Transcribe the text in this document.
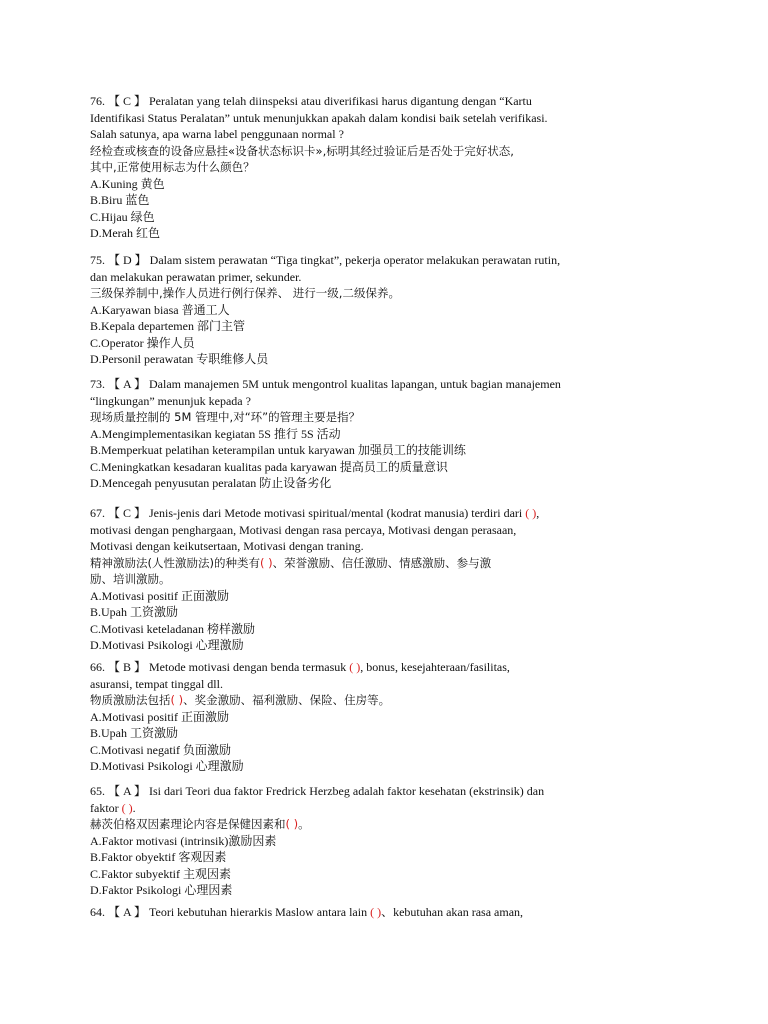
76. 【 C 】 Peralatan yang telah diinspeksi atau diverifikasi harus digantung dengan “Kartu
Identifikasi Status Peralatan” untuk menunjukkan apakah dalam kondisi baik setelah verifikasi.
Salah satunya, apa warna label penggunaan normal ?
经检查或核查的设备应悬挂«设备状态标识卡»,标明其经过验证后是否处于完好状态,
其中,正常使用标志为什么颜色？
A.Kuning 黄色
B.Biru 蓝色
C.Hijau 绿色
D.Merah 红色
75. 【 D 】 Dalam sistem perawatan “Tiga tingkat”, pekerja operator melakukan perawatan rutin,
dan melakukan perawatan primer, sekunder.
三级保养制中,操作人员进行例行保养、 进行一级,二级保养。
A.Karyawan biasa 普通工人
B.Kepala departemen 部门主管
C.Operator 操作人员
D.Personil perawatan 专职维修人员
73. 【 A 】 Dalam manajemen 5M untuk mengontrol kualitas lapangan, untuk bagian manajemen
“lingkungan” menunjuk kepada ?
现场质量控制的 5M 管理中,对“环”的管理主要是指？
A.Mengimplementasikan kegiatan 5S 推行 5S 活动
B.Memperkuat pelatihan keterampilan untuk karyawan 加强员工的技能训练
C.Meningkatkan kesadaran kualitas pada karyawan 提高员工的质量意识
D.Mencegah penyusutan peralatan 防止设备劣化
67. 【 C 】 Jenis-jenis dari Metode motivasi spiritual/mental (kodrat manusia) terdiri dari ( ),
motivasi dengan penghargaan, Motivasi dengan rasa percaya, Motivasi dengan perasaan,
Motivasi dengan keikutsertaan, Motivasi dengan traning.
精神激励法(人性激励法)的种类有( )、荣誉激励、信任激励、情感激励、参与激
励、培训激励。
A.Motivasi positif 正面激励
B.Upah 工资激励
C.Motivasi keteladanan 榜样激励
D.Motivasi Psikologi 心理激励
66. 【 B 】 Metode motivasi dengan benda termasuk ( ), bonus, kesejahteraan/fasilitas,
asuransi, tempat tinggal dll.
物质激励法包括( )、奖金激励、福利激励、保险、住房等。
A.Motivasi positif 正面激励
B.Upah 工资激励
C.Motivasi negatif 负面激励
D.Motivasi Psikologi 心理激励
65. 【 A 】 Isi dari Teori dua faktor Fredrick Herzbeg adalah faktor kesehatan (ekstrinsik) dan
faktor ( ).
赫茨伯格双因素理论内容是保健因素和( )。
A.Faktor motivasi (intrinsik)激励因素
B.Faktor obyektif 客观因素
C.Faktor subyektif 主观因素
D.Faktor Psikologi 心理因素
64. 【 A 】 Teori kebutuhan hierarkis Maslow antara lain ( )、kebutuhan akan rasa aman,
